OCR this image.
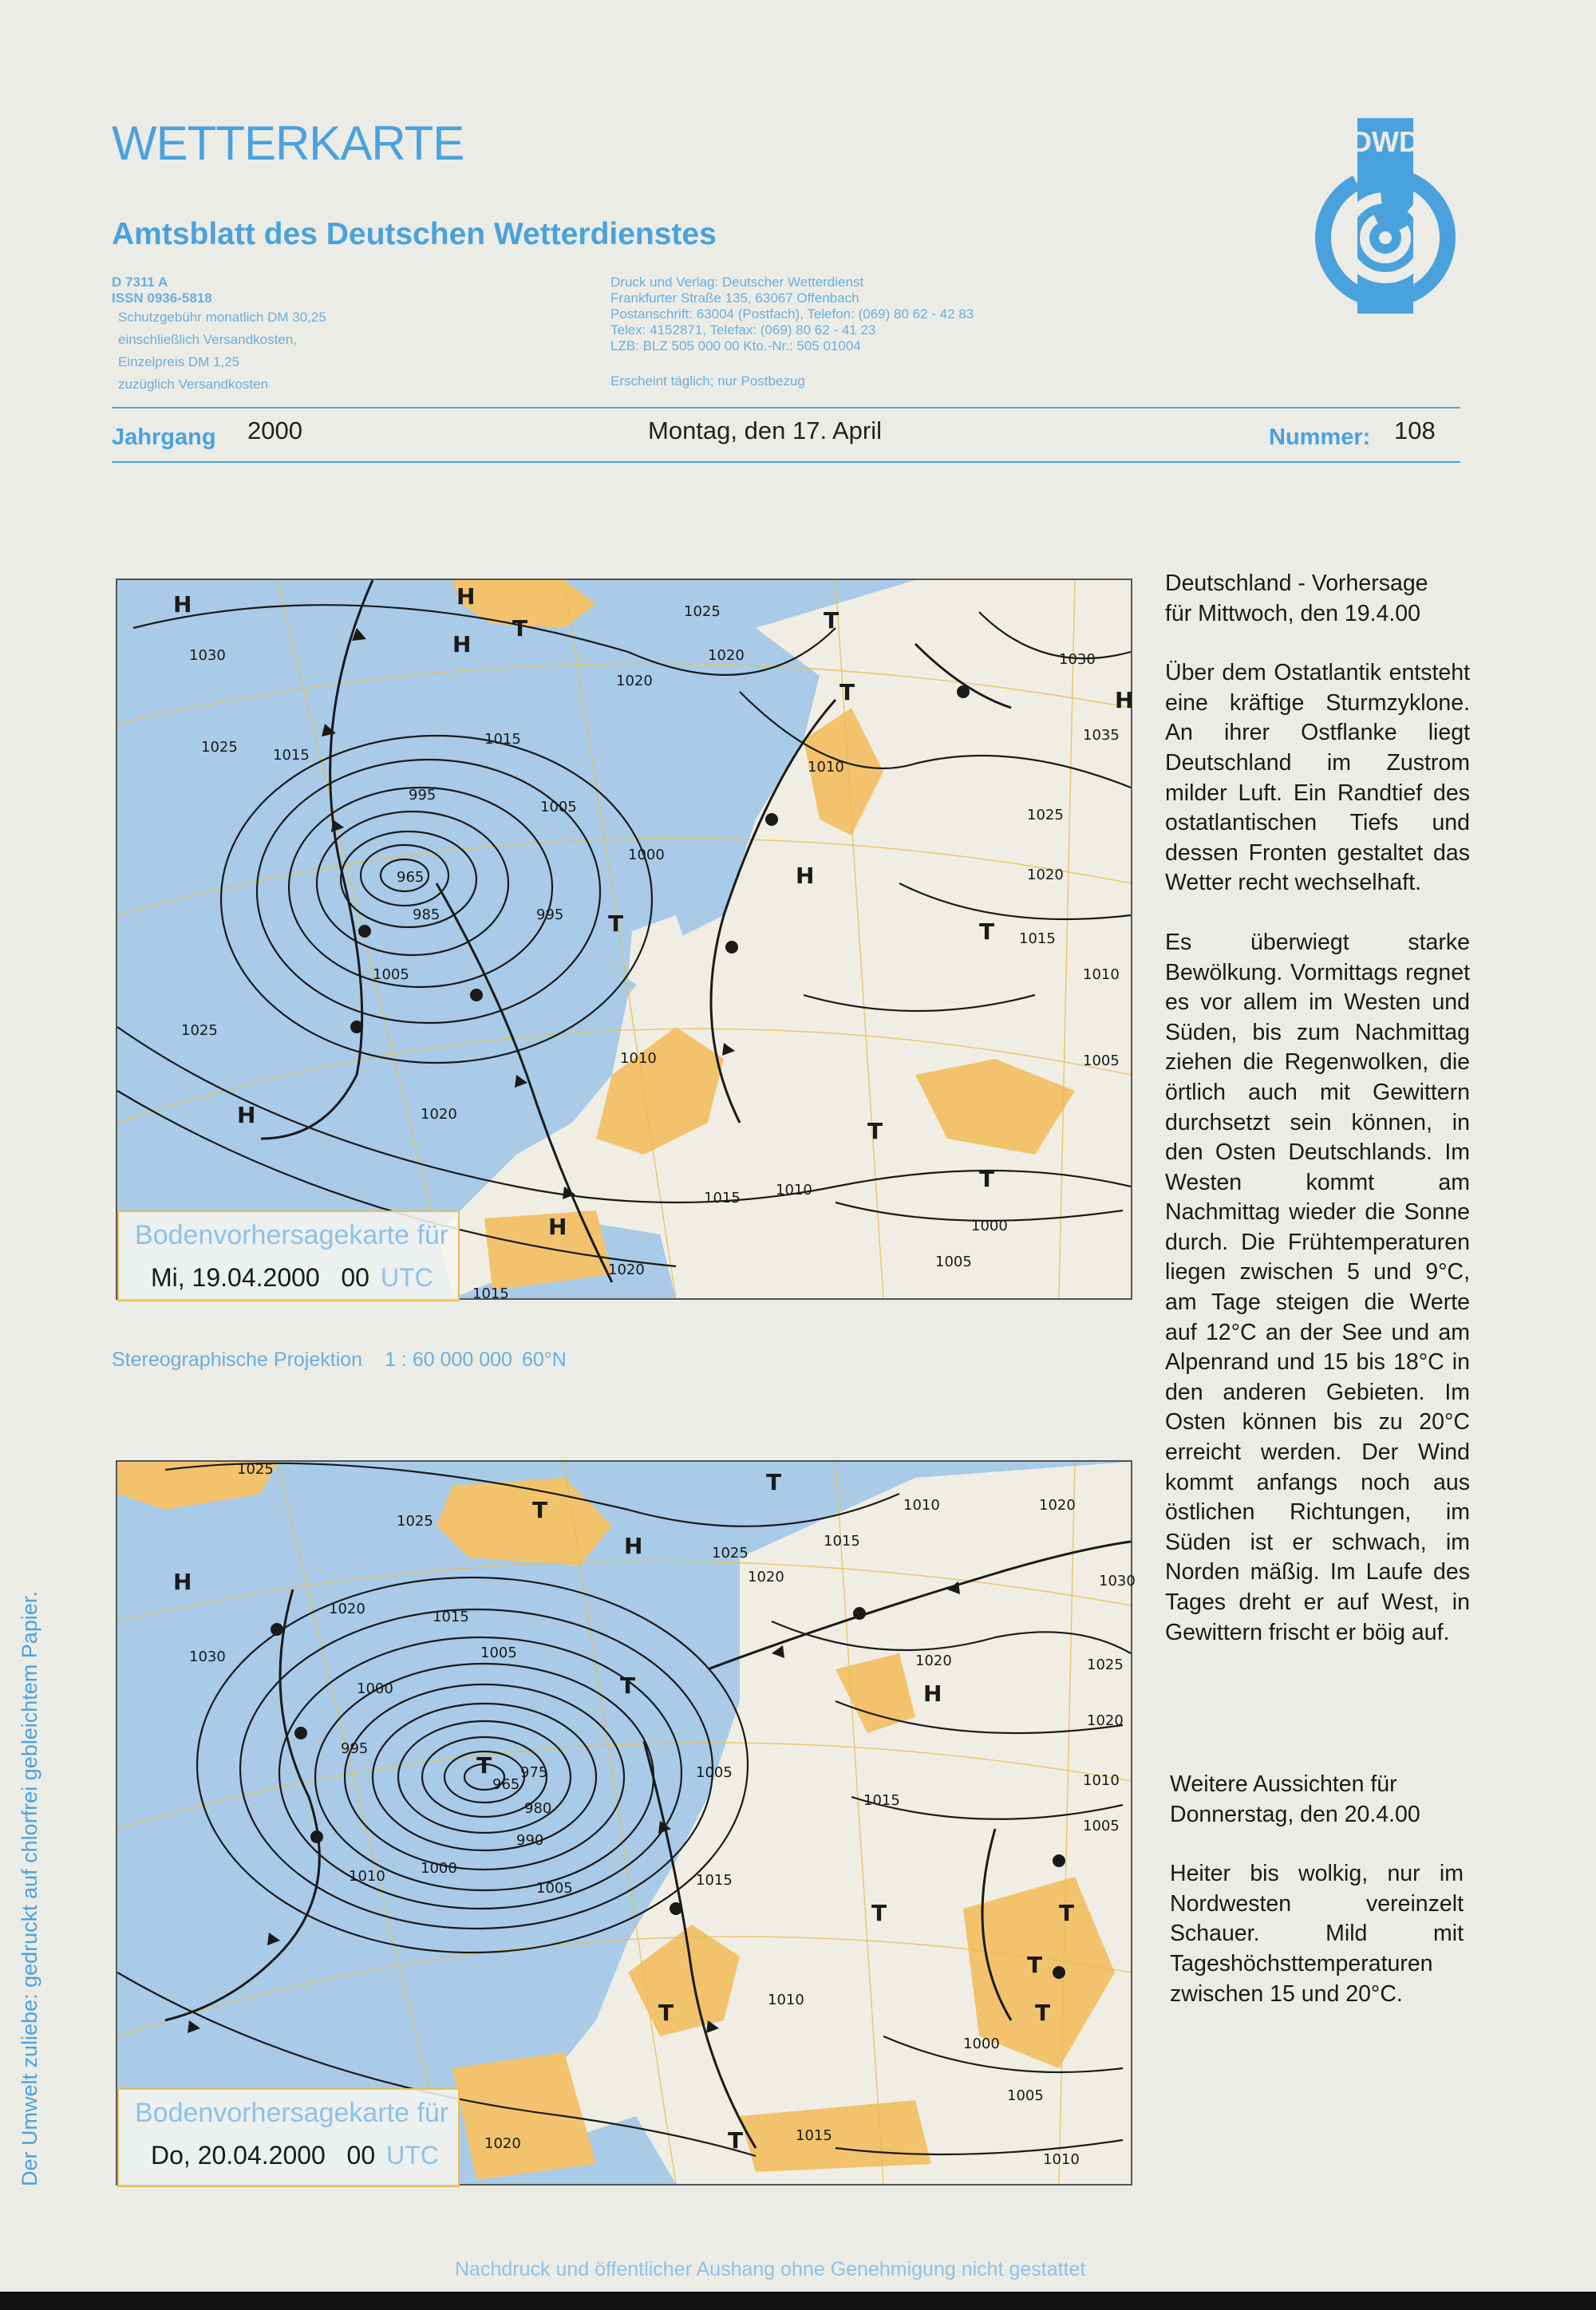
WETTERKARTE
Amtsblatt des Deutschen Wetterdienstes
D 7311 A
ISSN 0936-5818
Schutzgebühr monatlich DM 30,25
einschließlich Versandkosten,
Einzelpreis DM 1,25
zuzüglich Versandkosten
Druck und Verlag: Deutscher Wetterdienst
Frankfurter Straße 135, 63067 Offenbach
Postanschrift: 63004 (Postfach), Telefon: (069) 80 62 - 42 83
Telex: 4152871, Telefax: (069) 80 62 - 41 23
LZB: BLZ 505 000 00 Kto.-Nr.: 505 01004
Erscheint täglich; nur Postbezug
DWD
Jahrgang 2000	Montag, den 17. April	Nummer: 108
H	H
H
H
H
H
H
T	T
T
T	T
T
T
965
1030
1025 1015
995
985
1005
1000
995
1025
1020
1010
1015
1020
1025
1020
1005
1010
1030
1035
1025
1020
1015
1010
1005
1000
1005
1015 1010
1020
1015
Bodenvorhersagekarte für
Mi, 19.04.2000 00 UTC
Stereographische Projektion 1 : 60 000 000 60°N
H
H
H
T
T
T
T
T	T
T
T
T
T
965
1025
1025
1030
1020	1015
1005
1000
995
975
980
990
1010 1000
1005
1025
1020
1015
1010	1020
1020
1030
1025
1020
1010
1005
1015
1005
1015
1010
1000
1005
1010
1020	1015
Bodenvorhersagekarte für
Do, 20.04.2000 00 UTC

Deutschland - Vorhersage

für Mittwoch, den 19.4.00

Über dem Ostatlantik entsteht eine kräftige Sturmzyklone. An ihrer Ostflanke liegt Deutschland im Zustrom milder Luft. Ein Randtief des ostatlantischen Tiefs und dessen Fronten gestaltet das Wetter recht wechselhaft.

Es überwiegt starke Bewölkung. Vormittags regnet es vor allem im Westen und Süden, bis zum Nachmittag ziehen die Regenwolken, die örtlich auch mit Gewittern durchsetzt sein können, in den Osten Deutschlands. Im Westen kommt am Nachmittag wieder die Sonne durch. Die Frühtemperaturen liegen zwischen 5 und 9°C, am Tage steigen die Werte auf 12°C an der See und am Alpenrand und 15 bis 18°C in den anderen Gebieten. Im Osten können bis zu 20°C erreicht werden. Der Wind kommt anfangs noch aus östlichen Richtungen, im Süden ist er schwach, im Norden mäßig. Im Laufe des Tages dreht er auf West, in Gewittern frischt er böig auf.

Weitere Aussichten für

Donnerstag, den 20.4.00

Heiter bis wolkig, nur im Nordwesten vereinzelt Schauer. Mild mit Tageshöchsttemperaturen zwischen 15 und 20°C.

Der Umwelt zuliebe: gedruckt auf chlorfrei gebleichtem Papier.
Nachdruck und öffentlicher Aushang ohne Genehmigung nicht gestattet
